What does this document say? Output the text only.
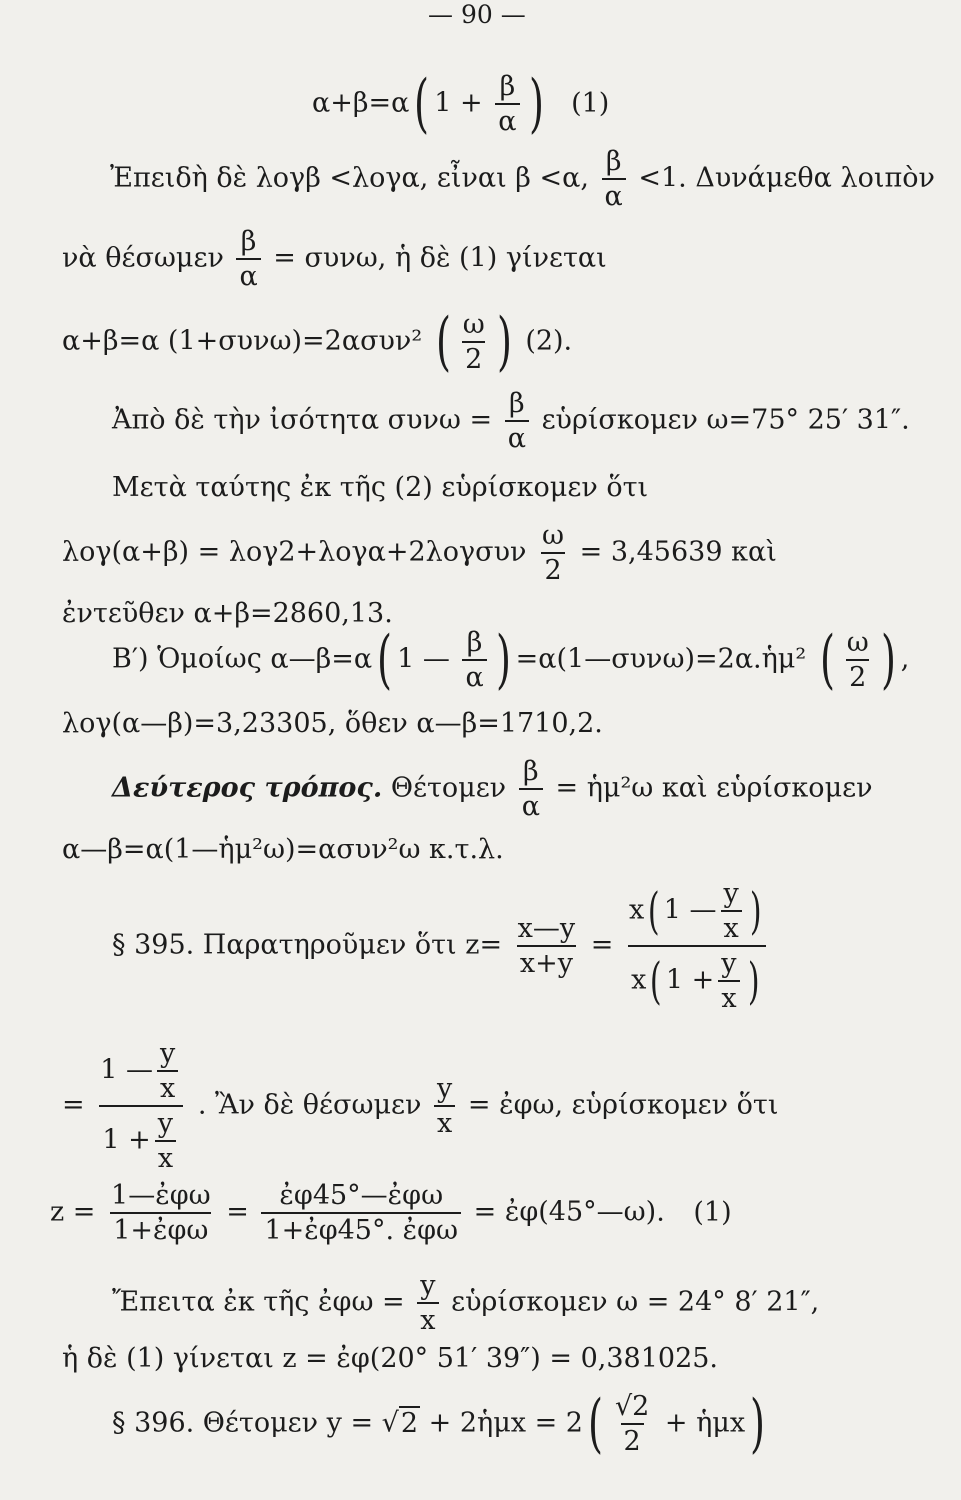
— 90 —
α+β=α( $1 + \frac{\beta}{\alpha}$ ) (1)
Ἐπειδὴ δὲ λογβ <λογα, εἶναι β <α, $\frac{\beta}{\alpha} <1$. Δυνάμεθα λοιπὸν
νὰ θέσωμεν $\frac{\beta}{\alpha} = \sigma\upsilon\nu\omega$, ἡ δὲ (1) γίνεται
α+β=α (1+συνω)=2ασυν² ( $\frac{\omega}{2}$ ) (2).
Ἀπὸ δὲ τὴν ἰσότητα $\sigma\upsilon\nu\omega = \frac{\beta}{\alpha}$ εὑρίσκομεν ω=75° 25′ 31″.
Μετὰ ταύτης ἐκ τῆς (2) εὑρίσκομεν ὅτι
$\lambda o\gamma(\alpha+\beta) = \lambda o\gamma 2+\lambda o\gamma\alpha+2\lambda o\gamma\sigma\upsilon\nu \frac{\omega}{2} = 3,45639$ καὶ
ἐντεῦθεν α+β=2860,13.
Β′) Ὁμοίως α—β=α( 1 — $\frac{\beta}{\alpha}$ ) =α(1—συνω)=2α.ἡμ² ( $\frac{\omega}{2}$ ) ,
λογ(α—β)=3,23305, ὅθεν α—β=1710,2.
Δεύτερος τρόπος. Θέτομεν $\frac{\beta}{\alpha}$ = ἡμ²ω καὶ εὑρίσκομεν
α—β=α(1—ἡμ²ω)=ασυν²ω κ.τ.λ.
§ 395. Παρατηροῦμεν ὅτι $z= \frac{x—y}{x+y} = \frac{x( 1 — \frac{y}{x} )}{x( 1 + \frac{y}{x} )}$
= $\frac{1 — \frac{y}{x}}{1 + \frac{y}{x}}$ . Ἂν δὲ θέσωμεν $\frac{y}{x}$ = ἐφω, εὑρίσκομεν ὅτι
$z = \frac{\text{1—ἐφω}}{\text{1+ἐφω}} = \frac{\text{ἐφ45°—ἐφω}}{\text{1+ἐφ45°. ἐφω}}$ = ἐφ(45°—ω). (1)
Ἔπειτα ἐκ τῆς ἐφω = $\frac{y}{x}$ εὑρίσκομεν ω = 24° 8′ 21″,
ἡ δὲ (1) γίνεται z = ἐφ(20° 51′ 39″) = 0,381025.
§ 396. Θέτομεν y = √2 + 2ἡμx = $2( \frac{√2}{2}$ + ἡμx)
